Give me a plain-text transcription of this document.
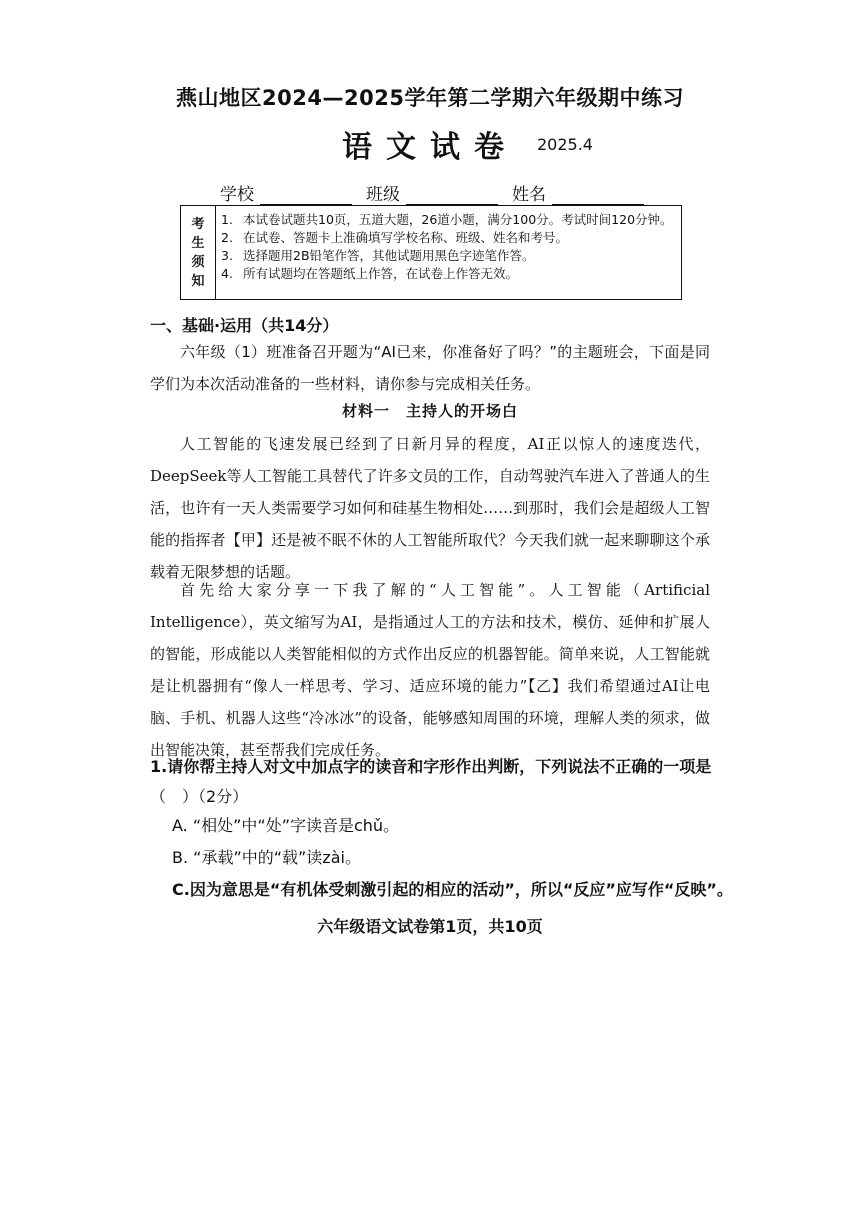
燕山地区2024—2025学年第二学期六年级期中练习
语文试卷	2025.4
学校	班级	姓名
考
生
须
知
1. 本试卷试题共10页，五道大题，26道小题，满分100分。考试时间120分钟。
2. 在试卷、答题卡上准确填写学校名称、班级、姓名和考号。
3. 选择题用2B铅笔作答，其他试题用黑色字迹笔作答。
4. 所有试题均在答题纸上作答，在试卷上作答无效。
一、基础·运用（共14分）
六年级（1）班准备召开题为“AI已来，你准备好了吗？”的主题班会，下面是同学们为本次活动准备的一些材料，请你参与完成相关任务。
材料一　主持人的开场白
人工智能的飞速发展已经到了日新月异的程度，AI正以惊人的速度迭代，DeepSeek等人工智能工具替代了许多文员的工作，自动驾驶汽车进入了普通人的生活，也许有一天人类需要学习如何和硅基生物相处……到那时，我们会是超级人工智能的指挥者【甲】还是被不眠不休的人工智能所取代？今天我们就一起来聊聊这个承载着无限梦想的话题。
首先给大家分享一下我了解的“人工智能”。人工智能（Artificial Intelligence），英文缩写为AI，是指通过人工的方法和技术，模仿、延伸和扩展人的智能，形成能以人类智能相似的方式作出反应的机器智能。简单来说，人工智能就是让机器拥有“像人一样思考、学习、适应环境的能力”【乙】我们希望通过AI让电脑、手机、机器人这些“冷冰冰”的设备，能够感知周围的环境，理解人类的须求，做出智能决策，甚至帮我们完成任务。
1.请你帮主持人对文中加点字的读音和字形作出判断，下列说法不正确的一项是
（　）（2分）
A. “相处”中“处”字读音是chǔ。
B. “承载”中的“载”读zài。
C.因为意思是“有机体受刺激引起的相应的活动”，所以“反应”应写作“反映”。
六年级语文试卷第1页，共10页
